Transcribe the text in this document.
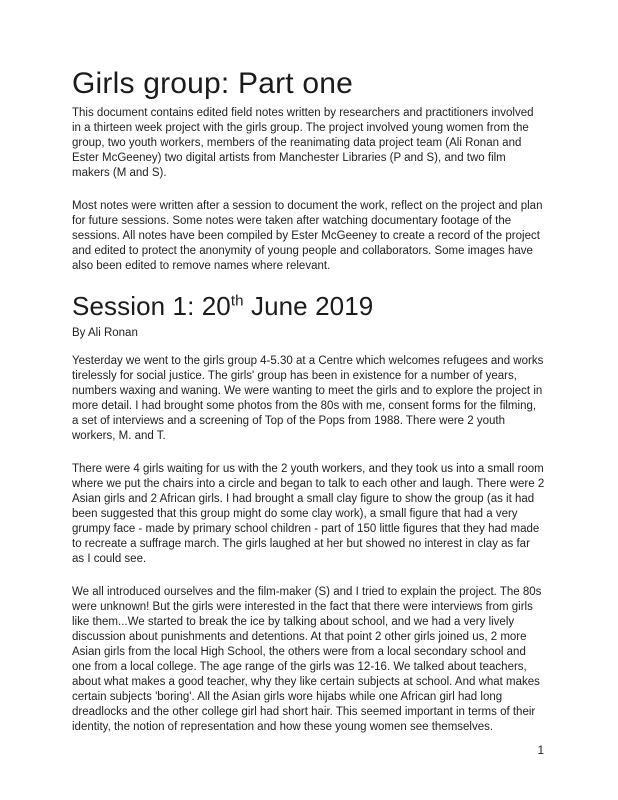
Girls group: Part one

This document contains edited field notes written by researchers and practitioners involved in a thirteen week project with the girls group. The project involved young women from the group, two youth workers, members of the reanimating data project team (Ali Ronan and Ester McGeeney) two digital artists from Manchester Libraries (P and S), and two film makers (M and S).

Most notes were written after a session to document the work, reflect on the project and plan for future sessions. Some notes were taken after watching documentary footage of the sessions. All notes have been compiled by Ester McGeeney to create a record of the project and edited to protect the anonymity of young people and collaborators. Some images have also been edited to remove names where relevant.

Session 1: 20th June 2019

By Ali Ronan

Yesterday we went to the girls group 4-5.30 at a Centre which welcomes refugees and works tirelessly for social justice. The girls' group has been in existence for a number of years, numbers waxing and waning. We were wanting to meet the girls and to explore the project in more detail. I had brought some photos from the 80s with me, consent forms for the filming, a set of interviews and a screening of Top of the Pops from 1988. There were 2 youth workers, M. and T.

There were 4 girls waiting for us with the 2 youth workers, and they took us into a small room where we put the chairs into a circle and began to talk to each other and laugh. There were 2 Asian girls and 2 African girls. I had brought a small clay figure to show the group (as it had been suggested that this group might do some clay work), a small figure that had a very grumpy face - made by primary school children - part of 150 little figures that they had made to recreate a suffrage march. The girls laughed at her but showed no interest in clay as far as I could see.

We all introduced ourselves and the film-maker (S) and I tried to explain the project. The 80s were unknown! But the girls were interested in the fact that there were interviews from girls like them...We started to break the ice by talking about school, and we had a very lively discussion about punishments and detentions. At that point 2 other girls joined us, 2 more Asian girls from the local High School, the others were from a local secondary school and one from a local college. The age range of the girls was 12-16. We talked about teachers, about what makes a good teacher, why they like certain subjects at school. And what makes certain subjects 'boring'. All the Asian girls wore hijabs while one African girl had long dreadlocks and the other college girl had short hair. This seemed important in terms of their identity, the notion of representation and how these young women see themselves.

1
